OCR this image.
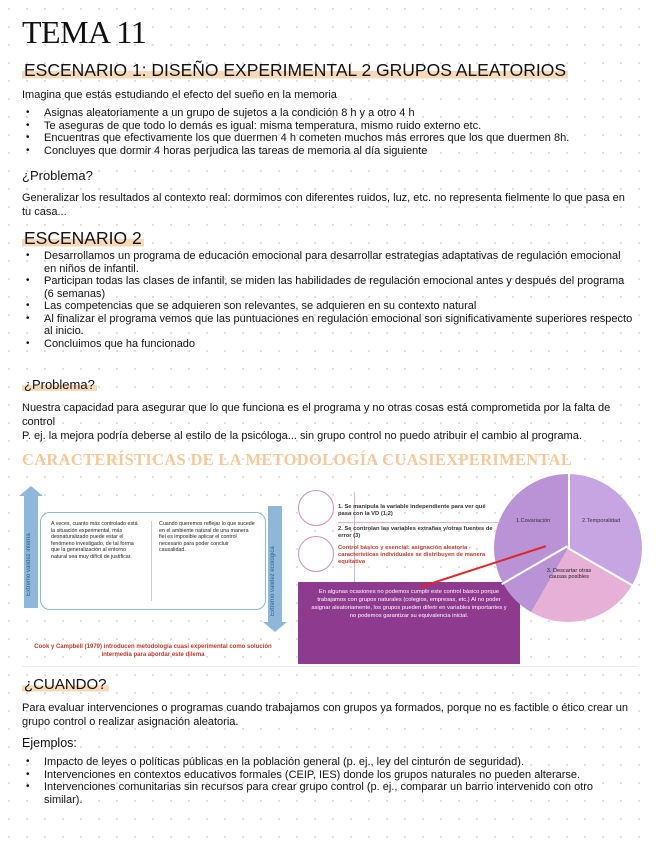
TEMA 11
ESCENARIO 1: DISEÑO EXPERIMENTAL 2 GRUPOS ALEATORIOS

Imagina que estás estudiando el efecto del sueño en la memoria

• Asignas aleatoriamente a un grupo de sujetos a la condición 8 h y a otro 4 h
• Te aseguras de que todo lo demás es igual: misma temperatura, mismo ruido externo etc.
• Encuentras que efectivamente los que duermen 4 h cometen muchos más errores que los que duermen 8h.
• Concluyes que dormir 4 horas perjudica las tareas de memoria al día siguiente
¿Problema?

Generalizar los resultados al contexto real: dormimos con diferentes ruidos, luz, etc. no representa fielmente lo que pasa en tu casa...

ESCENARIO 2
• Desarrollamos un programa de educación emocional para desarrollar estrategias adaptativas de regulación emocional en niños de infantil.
• Participan todas las clases de infantil, se miden las habilidades de regulación emocional antes y después del programa (6 semanas)
• Las competencias que se adquieren son relevantes, se adquieren en su contexto natural
• Al finalizar el programa vemos que las puntuaciones en regulación emocional son significativamente superiores respecto al inicio.
• Concluimos que ha funcionado
¿Problema?

Nuestra capacidad para asegurar que lo que funciona es el programa y no otras cosas está comprometida por la falta de control

P. ej. la mejora podría deberse al estilo de la psicóloga... sin grupo control no puedo atribuir el cambio al programa.

CARACTERÍSTICAS DE LA METODOLOGÍA CUASIEXPERIMENTAL
Extremo validez interna
A veces, cuanto más controlado está la situación experimental, más desnaturalizado puede estar el fenómeno investigado, de tal forma que la generalización al entorno natural sea muy difícil de justificar.
Cuando queremos reflejar lo que sucede en el ambiente natural de una manera fiel es imposible aplicar el control necesario para poder concluir causalidad.	Extremo validez ecológica
Cook y Campbell (1979) introducen metodología cuasi experimental como solución intermedia para abordar este dilema
1. Se manipula la variable independiente para ver qué pasa con la VD (1,2)
2. Se controlan las variables extrañas y/otras fuentes de error (3)
Control básico y esencial: asignación aleatoria - características individuales se distribuyen de manera equitativa
En algunas ocasiones no podemos cumplir este control básico porque trabajamos con grupos naturales (colegios, empresas, etc.) Al no poder asignar aleatoriamente, los grupos pueden diferir en variables importantes y no podemos garantizar su equivalencia inicial.
¿CUANDO?

Para evaluar intervenciones o programas cuando trabajamos con grupos ya formados, porque no es factible o ético crear un grupo control o realizar asignación aleatoria.

Ejemplos:
• Impacto de leyes o políticas públicas en la población general (p. ej., ley del cinturón de seguridad).
• Intervenciones en contextos educativos formales (CEIP, IES) donde los grupos naturales no pueden alterarse.
• Intervenciones comunitarias sin recursos para crear grupo control (p. ej., comparar un barrio intervenido con otro similar).
1.Covariación	2.Temporalidad
3. Descartar otras causas posibles
